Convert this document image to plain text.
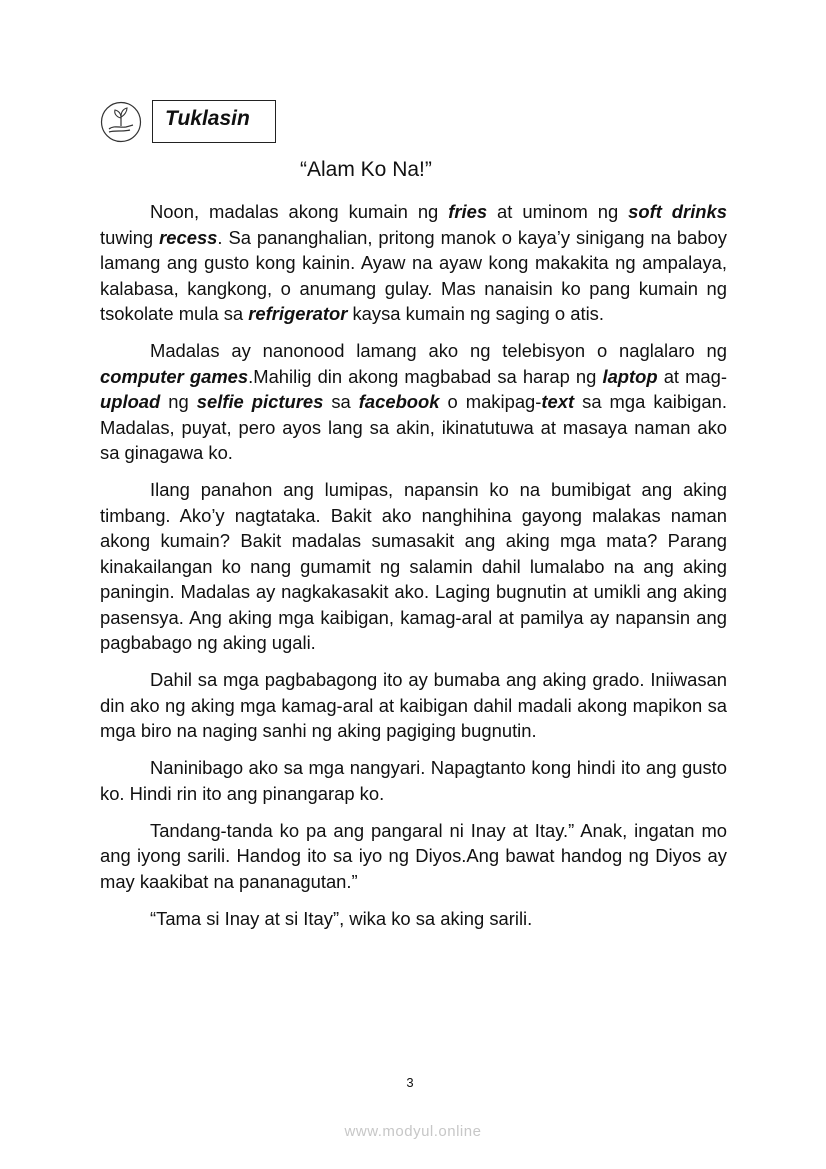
Tuklasin
“Alam Ko Na!”

Noon, madalas akong kumain ng fries at uminom ng soft drinks tuwing recess. Sa pananghalian, pritong manok o kaya’y sinigang na baboy lamang ang gusto kong kainin. Ayaw na ayaw kong makakita ng ampalaya, kalabasa, kangkong, o anumang gulay. Mas nanaisin ko pang kumain ng tsokolate mula sa refrigerator kaysa kumain ng saging o atis.

Madalas ay nanonood lamang ako ng telebisyon o naglalaro ng computer games.Mahilig din akong magbabad sa harap ng laptop at mag-upload ng selfie pictures sa facebook o makipag-text sa mga kaibigan. Madalas, puyat, pero ayos lang sa akin, ikinatutuwa at masaya naman ako sa ginagawa ko.

Ilang panahon ang lumipas, napansin ko na bumibigat ang aking timbang. Ako’y nagtataka. Bakit ako nanghihina gayong malakas naman akong kumain? Bakit madalas sumasakit ang aking mga mata? Parang kinakailangan ko nang gumamit ng salamin dahil lumalabo na ang aking paningin. Madalas ay nagkakasakit ako. Laging bugnutin at umikli ang aking pasensya. Ang aking mga kaibigan, kamag-aral at pamilya ay napansin ang pagbabago ng aking ugali.

Dahil sa mga pagbabagong ito ay bumaba ang aking grado. Iniiwasan din ako ng aking mga kamag-aral at kaibigan dahil madali akong mapikon sa mga biro na naging sanhi ng aking pagiging bugnutin.

Naninibago ako sa mga nangyari. Napagtanto kong hindi ito ang gusto ko. Hindi rin ito ang pinangarap ko.

Tandang-tanda ko pa ang pangaral ni Inay at Itay.” Anak, ingatan mo ang iyong sarili. Handog ito sa iyo ng Diyos.Ang bawat handog ng Diyos ay may kaakibat na pananagutan.”

“Tama si Inay at si Itay”, wika ko sa aking sarili.

3
www.modyul.online
